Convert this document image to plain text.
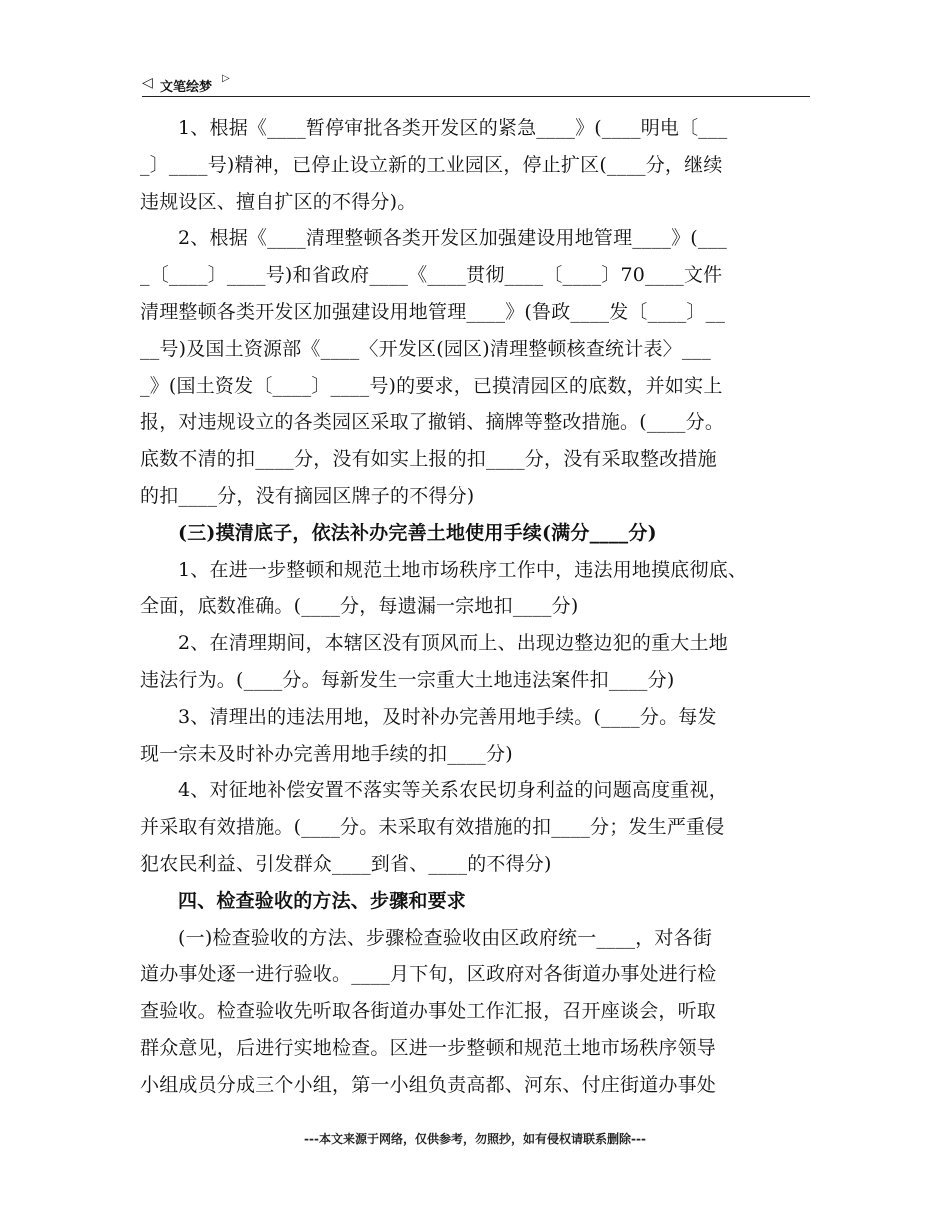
◁ 文笔绘梦
▷

1、根据《____暂停审批各类开发区的紧急____》(____明电〔___

_〕____号)精神，已停止设立新的工业园区，停止扩区(____分，继续

违规设区、擅自扩区的不得分)。

2、根据《____清理整顿各类开发区加强建设用地管理____》(___

_〔____〕____号)和省政府____《____贯彻____〔____〕70____文件

清理整顿各类开发区加强建设用地管理____》(鲁政____发〔____〕__

__号)及国土资源部《____〈开发区(园区)清理整顿核查统计表〉___

_》(国土资发〔____〕____号)的要求，已摸清园区的底数，并如实上

报，对违规设立的各类园区采取了撤销、摘牌等整改措施。(____分。

底数不清的扣____分，没有如实上报的扣____分，没有采取整改措施

的扣____分，没有摘园区牌子的不得分)

(三)摸清底子，依法补办完善土地使用手续(满分____分)

1、在进一步整顿和规范土地市场秩序工作中，违法用地摸底彻底、

全面，底数准确。(____分，每遗漏一宗地扣____分)

2、在清理期间，本辖区没有顶风而上、出现边整边犯的重大土地

违法行为。(____分。每新发生一宗重大土地违法案件扣____分)

3、清理出的违法用地，及时补办完善用地手续。(____分。每发

现一宗未及时补办完善用地手续的扣____分)

4、对征地补偿安置不落实等关系农民切身利益的问题高度重视，

并采取有效措施。(____分。未采取有效措施的扣____分；发生严重侵

犯农民利益、引发群众____到省、____的不得分)

四、检查验收的方法、步骤和要求

(一)检查验收的方法、步骤检查验收由区政府统一____，对各街

道办事处逐一进行验收。____月下旬，区政府对各街道办事处进行检

查验收。检查验收先听取各街道办事处工作汇报，召开座谈会，听取

群众意见，后进行实地检查。区进一步整顿和规范土地市场秩序领导

小组成员分成三个小组，第一小组负责高都、河东、付庄街道办事处

---本文来源于网络，仅供参考，勿照抄，如有侵权请联系删除---
